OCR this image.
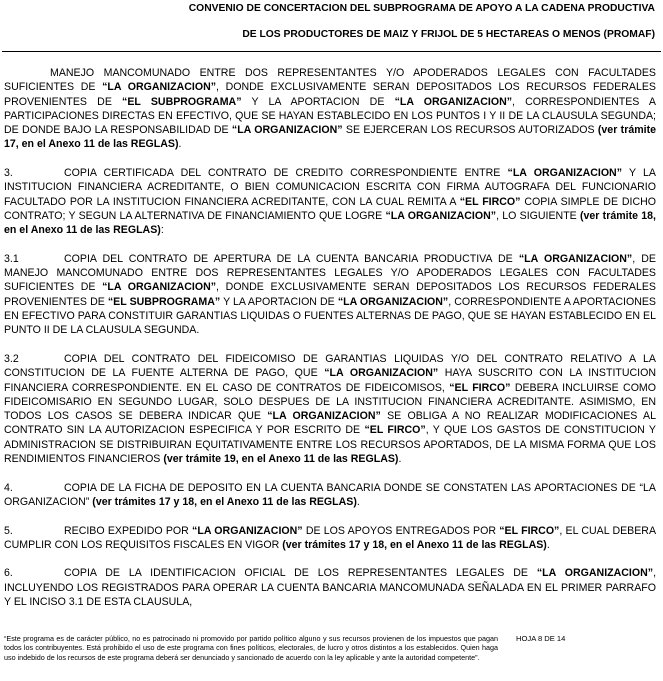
CONVENIO DE CONCERTACION DEL SUBPROGRAMA DE APOYO A LA CADENA PRODUCTIVA
DE LOS PRODUCTORES DE MAIZ Y FRIJOL DE 5 HECTAREAS O MENOS (PROMAF)

MANEJO MANCOMUNADO ENTRE DOS REPRESENTANTES Y/O APODERADOS LEGALES CON FACULTADES SUFICIENTES DE “LA ORGANIZACION”, DONDE EXCLUSIVAMENTE SERAN DEPOSITADOS LOS RECURSOS FEDERALES PROVENIENTES DE “EL SUBPROGRAMA” Y LA APORTACION DE “LA ORGANIZACION”, CORRESPONDIENTES A PARTICIPACIONES DIRECTAS EN EFECTIVO, QUE SE HAYAN ESTABLECIDO EN LOS PUNTOS I Y II DE LA CLAUSULA SEGUNDA; DE DONDE BAJO LA RESPONSABILIDAD DE “LA ORGANIZACION” SE EJERCERAN LOS RECURSOS AUTORIZADOS (ver trámite 17, en el Anexo 11 de las REGLAS).

3.	COPIA CERTIFICADA DEL CONTRATO DE CREDITO CORRESPONDIENTE ENTRE “LA ORGANIZACION” Y LA INSTITUCION FINANCIERA ACREDITANTE, O BIEN COMUNICACION ESCRITA CON FIRMA AUTOGRAFA DEL FUNCIONARIO FACULTADO POR LA INSTITUCION FINANCIERA ACREDITANTE, CON LA CUAL REMITA A “EL FIRCO” COPIA SIMPLE DE DICHO CONTRATO; Y SEGUN LA ALTERNATIVA DE FINANCIAMIENTO QUE LOGRE “LA ORGANIZACION”, LO SIGUIENTE (ver trámite 18, en el Anexo 11 de las REGLAS):

3.1	COPIA DEL CONTRATO DE APERTURA DE LA CUENTA BANCARIA PRODUCTIVA DE “LA ORGANIZACION”, DE MANEJO MANCOMUNADO ENTRE DOS REPRESENTANTES LEGALES Y/O APODERADOS LEGALES CON FACULTADES SUFICIENTES DE “LA ORGANIZACION”, DONDE EXCLUSIVAMENTE SERAN DEPOSITADOS LOS RECURSOS FEDERALES PROVENIENTES DE “EL SUBPROGRAMA” Y LA APORTACION DE “LA ORGANIZACION”, CORRESPONDIENTE A APORTACIONES EN EFECTIVO PARA CONSTITUIR GARANTIAS LIQUIDAS O FUENTES ALTERNAS DE PAGO, QUE SE HAYAN ESTABLECIDO EN EL PUNTO II DE LA CLAUSULA SEGUNDA.

3.2	COPIA DEL CONTRATO DEL FIDEICOMISO DE GARANTIAS LIQUIDAS Y/O DEL CONTRATO RELATIVO A LA CONSTITUCION DE LA FUENTE ALTERNA DE PAGO, QUE “LA ORGANIZACION” HAYA SUSCRITO CON LA INSTITUCION FINANCIERA CORRESPONDIENTE. EN EL CASO DE CONTRATOS DE FIDEICOMISOS, “EL FIRCO” DEBERA INCLUIRSE COMO FIDEICOMISARIO EN SEGUNDO LUGAR, SOLO DESPUES DE LA INSTITUCION FINANCIERA ACREDITANTE. ASIMISMO, EN TODOS LOS CASOS SE DEBERA INDICAR QUE “LA ORGANIZACION” SE OBLIGA A NO REALIZAR MODIFICACIONES AL CONTRATO SIN LA AUTORIZACION ESPECIFICA Y POR ESCRITO DE “EL FIRCO”, Y QUE LOS GASTOS DE CONSTITUCION Y ADMINISTRACION SE DISTRIBUIRAN EQUITATIVAMENTE ENTRE LOS RECURSOS APORTADOS, DE LA MISMA FORMA QUE LOS RENDIMIENTOS FINANCIEROS (ver trámite 19, en el Anexo 11 de las REGLAS).

4.	COPIA DE LA FICHA DE DEPOSITO EN LA CUENTA BANCARIA DONDE SE CONSTATEN LAS APORTACIONES DE “LA ORGANIZACION” (ver trámites 17 y 18, en el Anexo 11 de las REGLAS).

5.	RECIBO EXPEDIDO POR “LA ORGANIZACION” DE LOS APOYOS ENTREGADOS POR “EL FIRCO”, EL CUAL DEBERA CUMPLIR CON LOS REQUISITOS FISCALES EN VIGOR (ver trámites 17 y 18, en el Anexo 11 de las REGLAS).

6.	COPIA DE LA IDENTIFICACION OFICIAL DE LOS REPRESENTANTES LEGALES DE “LA ORGANIZACION”, INCLUYENDO LOS REGISTRADOS PARA OPERAR LA CUENTA BANCARIA MANCOMUNADA SEÑALADA EN EL PRIMER PARRAFO Y EL INCISO 3.1 DE ESTA CLAUSULA,

“Este programa es de carácter público, no es patrocinado ni promovido por partido político alguno y sus recursos provienen de los impuestos que pagan todos los contribuyentes. Está prohibido el uso de este programa con fines políticos, electorales, de lucro y otros distintos a los establecidos. Quien haga uso indebido de los recursos de este programa deberá ser denunciado y sancionado de acuerdo con la ley aplicable y ante la autoridad competente”.
HOJA 8 DE 14
